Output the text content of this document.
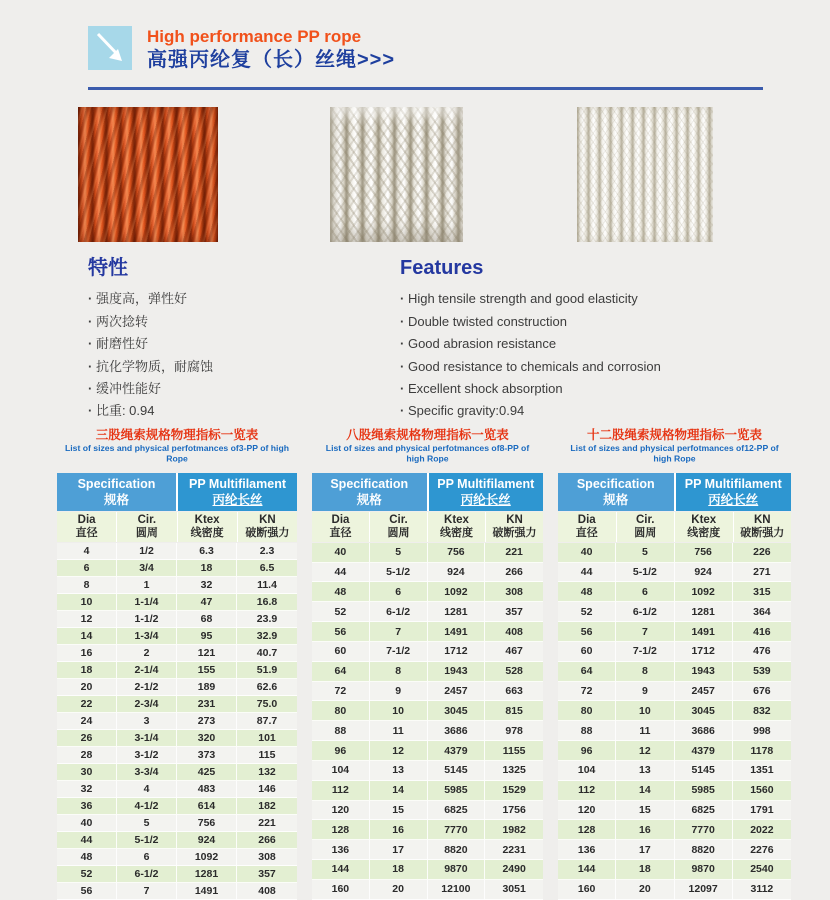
High performance PP rope
高强丙纶复（长）丝绳>>>
特性
· 强度高，弹性好
· 两次捻转
· 耐磨性好
· 抗化学物质，耐腐蚀
· 缓冲性能好
· 比重: 0.94
Features
· High tensile strength and good elasticity
· Double twisted construction
· Good abrasion resistance
· Good resistance to chemicals and corrosion
· Excellent shock absorption
· Specific gravity:0.94
三股绳索规格物理指标一览表
List of sizes and physical perfotmances of3-PP of high Rope
Specification
规格
PP Multifilament
丙纶长丝
Dia
直径
Cir.
圆周
Ktex
线密度
KN
破断强力
4	1/2	6.3	2.3
6	3/4	18	6.5
8	1	32	11.4
10	1-1/4	47	16.8
12	1-1/2	68	23.9
14	1-3/4	95	32.9
16	2	121	40.7
18	2-1/4	155	51.9
20	2-1/2	189	62.6
22	2-3/4	231	75.0
24	3	273	87.7
26	3-1/4	320	101
28	3-1/2	373	115
30	3-3/4	425	132
32	4	483	146
36	4-1/2	614	182
40	5	756	221
44	5-1/2	924	266
48	6	1092	308
52	6-1/2	1281	357
56	7	1491	408
八股绳索规格物理指标一览表
List of sizes and physical perfotmances of8-PP of high Rope
Specification
规格
PP Multifilament
丙纶长丝
Dia
直径
Cir.
圆周
Ktex
线密度
KN
破断强力
40	5	756	221
44	5-1/2	924	266
48	6	1092	308
52	6-1/2	1281	357
56	7	1491	408
60	7-1/2	1712	467
64	8	1943	528
72	9	2457	663
80	10	3045	815
88	11	3686	978
96	12	4379	1155
104	13	5145	1325
112	14	5985	1529
120	15	6825	1756
128	16	7770	1982
136	17	8820	2231
144	18	9870	2490
160	20	12100	3051
十二股绳索规格物理指标一览表
List of sizes and physical perfotmances of12-PP of high Rope
Specification
规格
PP Multifilament
丙纶长丝
Dia
直径
Cir.
圆周
Ktex
线密度
KN
破断强力
40	5	756	226
44	5-1/2	924	271
48	6	1092	315
52	6-1/2	1281	364
56	7	1491	416
60	7-1/2	1712	476
64	8	1943	539
72	9	2457	676
80	10	3045	832
88	11	3686	998
96	12	4379	1178
104	13	5145	1351
112	14	5985	1560
120	15	6825	1791
128	16	7770	2022
136	17	8820	2276
144	18	9870	2540
160	20	12097	3112
